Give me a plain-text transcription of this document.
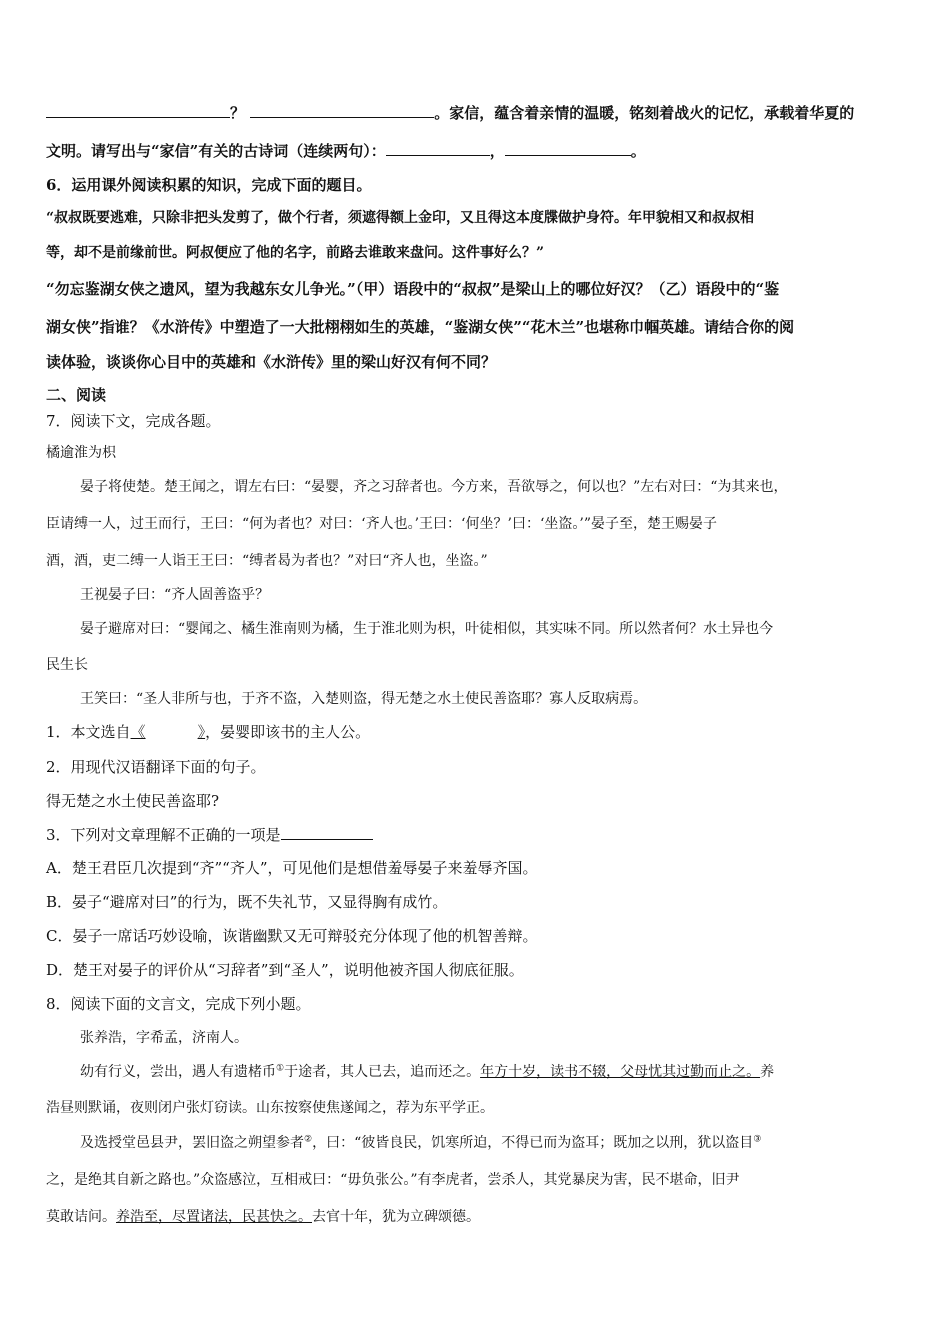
？	。家信，蕴含着亲情的温暖，铭刻着战火的记忆，承载着华夏的
文明。请写出与“家信”有关的古诗词（连续两句）：	，	。
6．运用课外阅读积累的知识，完成下面的题目。
“叔叔既要逃难，只除非把头发剪了，做个行者，须遮得额上金印，又且得这本度牒做护身符。年甲貌相又和叔叔相
等，却不是前缘前世。阿叔便应了他的名字，前路去谁敢来盘问。这件事好么？”
“勿忘鉴湖女侠之遗风，望为我越东女儿争光。”（甲）语段中的“叔叔”是梁山上的哪位好汉？（乙）语段中的“鉴
湖女侠”指谁？《水浒传》中塑造了一大批栩栩如生的英雄，“鉴湖女侠”“花木兰”也堪称巾帼英雄。请结合你的阅
读体验，谈谈你心目中的英雄和《水浒传》里的梁山好汉有何不同？
二、阅读
7．阅读下文，完成各题。
橘逾淮为枳
晏子将使楚。楚王闻之，谓左右曰：“晏婴，齐之习辞者也。今方来，吾欲辱之，何以也？”左右对曰：“为其来也，
臣请缚一人，过王而行，王曰：“何为者也？对曰：‘齐人也。’王曰：‘何坐？’曰：‘坐盗。’”晏子至，楚王赐晏子
酒，酒，吏二缚一人诣王王曰：“缚者曷为者也？”对曰“齐人也，坐盗。”
王视晏子曰：“齐人固善盗乎？
晏子避席对曰：“婴闻之、橘生淮南则为橘，生于淮北则为枳，叶徒相似，其实味不同。所以然者何？水土异也今
民生长
王笑曰：“圣人非所与也，于齐不盗，入楚则盗，得无楚之水土使民善盗耶？寡人反取病焉。
1．本文选自《	》，晏婴即该书的主人公。
2．用现代汉语翻译下面的句子。
得无楚之水土使民善盗耶?
3．下列对文章理解不正确的一项是
A．楚王君臣几次提到“齐”“齐人”，可见他们是想借羞辱晏子来羞辱齐国。
B．晏子“避席对曰”的行为，既不失礼节，又显得胸有成竹。
C．晏子一席话巧妙设喻，诙谐幽默又无可辩驳充分体现了他的机智善辩。
D．楚王对晏子的评价从“习辞者”到“圣人”，说明他被齐国人彻底征服。
8．阅读下面的文言文，完成下列小题。
张养浩，字希孟，济南人。
幼有行义，尝出，遇人有遗楮币①于途者，其人已去，追而还之。年方十岁，读书不辍，父母忧其过勤而止之。养
浩昼则默诵，夜则闭户张灯窃读。山东按察使焦遂闻之，荐为东平学正。
及选授堂邑县尹，罢旧盗之朔望参者②，曰：“彼皆良民，饥寒所迫，不得已而为盗耳；既加之以刑，犹以盗目③
之，是绝其自新之路也。”众盗感泣，互相戒曰：“毋负张公。”有李虎者，尝杀人，其党暴戾为害，民不堪命，旧尹
莫敢诘问。养浩至，尽置诸法，民甚快之。去官十年，犹为立碑颂德。
